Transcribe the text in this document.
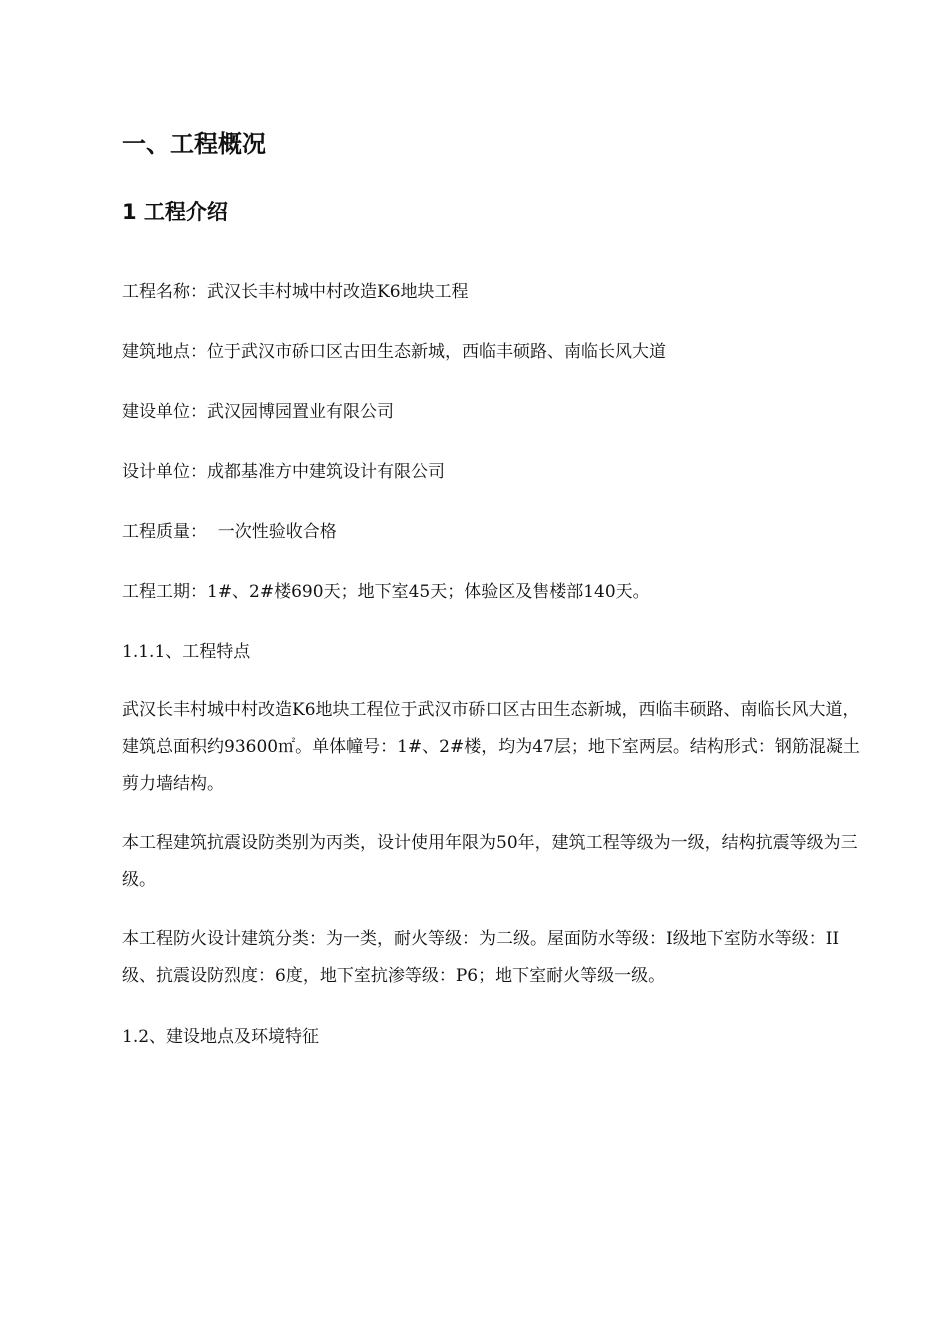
一、工程概况
1 工程介绍

工程名称：武汉长丰村城中村改造K6地块工程

建筑地点：位于武汉市硚口区古田生态新城，西临丰硕路、南临长风大道

建设单位：武汉园博园置业有限公司

设计单位：成都基准方中建筑设计有限公司

工程质量：  一次性验收合格

工程工期：1#、2#楼690天；地下室45天；体验区及售楼部140天。

1.1.1、工程特点

武汉长丰村城中村改造K6地块工程位于武汉市硚口区古田生态新城，西临丰硕路、南临长风大道，建筑总面积约93600㎡。单体幢号：1#、2#楼，均为47层；地下室两层。结构形式：钢筋混凝土剪力墙结构。

本工程建筑抗震设防类别为丙类，设计使用年限为50年，建筑工程等级为一级，结构抗震等级为三级。

本工程防火设计建筑分类：为一类，耐火等级：为二级。屋面防水等级：I级地下室防水等级：II级、抗震设防烈度：6度，地下室抗渗等级：P6；地下室耐火等级一级。

1.2、建设地点及环境特征
